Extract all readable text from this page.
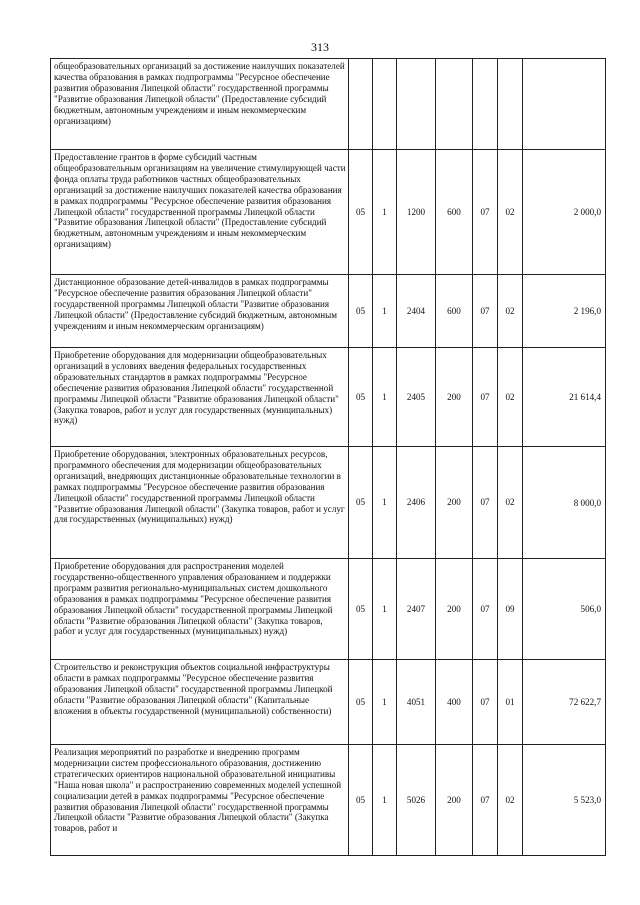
313
общеобразовательных организаций за достижение наилучших показателей качества образования в рамках подпрограммы "Ресурсное обеспечение развития образования Липецкой области" государственной программы "Развитие образования Липецкой области" (Предоставление субсидий бюджетным, автономным учреждениям и иным некоммерческим организациям)							
Предоставление грантов в форме субсидий частным общеобразовательным организациям на увеличение стимулирующей части фонда оплаты труда работников частных общеобразовательных организаций за достижение наилучших показателей качества образования в рамках подпрограммы "Ресурсное обеспечение развития образования Липецкой области" государственной программы Липецкой области "Развитие образования Липецкой области" (Предоставление субсидий бюджетным, автономным учреждениям и иным некоммерческим организациям)	05	1	1200	600	07	02	2 000,0
Дистанционное образование детей-инвалидов в рамках подпрограммы "Ресурсное обеспечение развития образования Липецкой области" государственной программы Липецкой области "Развитие образования Липецкой области" (Предоставление субсидий бюджетным, автономным учреждениям и иным некоммерческим организациям)	05	1	2404	600	07	02	2 196,0
Приобретение оборудования для модернизации общеобразовательных организаций в условиях введения федеральных государственных образовательных стандартов в рамках подпрограммы "Ресурсное обеспечение развития образования Липецкой области" государственной программы Липецкой области "Развитие образования Липецкой области" (Закупка товаров, работ и услуг для государственных (муниципальных) нужд)	05	1	2405	200	07	02	21 614,4
Приобретение оборудования, электронных образовательных ресурсов, программного обеспечения для модернизации общеобразовательных организаций, внедряющих дистанционные образовательные технологии в рамках подпрограммы "Ресурсное обеспечение развития образования Липецкой области" государственной программы Липецкой области "Развитие образования Липецкой области" (Закупка товаров, работ и услуг для государственных (муниципальных) нужд)	05	1	2406	200	07	02	8 000,0
Приобретение оборудования для распространения моделей государственно-общественного управления образованием и поддержки программ развития регионально-муниципальных систем дошкольного образования в рамках подпрограммы "Ресурсное обеспечение развития образования Липецкой области" государственной программы Липецкой области "Развитие образования Липецкой области" (Закупка товаров, работ и услуг для государственных (муниципальных) нужд)	05	1	2407	200	07	09	506,0
Строительство и реконструкция объектов социальной инфраструктуры области в рамках подпрограммы "Ресурсное обеспечение развития образования Липецкой области" государственной программы Липецкой области "Развитие образования Липецкой области" (Капитальные вложения в объекты государственной (муниципальной) собственности)	05	1	4051	400	07	01	72 622,7
Реализация мероприятий по разработке и внедрению программ модернизации систем профессионального образования, достижению стратегических ориентиров национальной образовательной инициативы "Наша новая школа" и распространению современных моделей успешной социализации детей в рамках подпрограммы "Ресурсное обеспечение развития образования Липецкой области" государственной программы Липецкой области "Развитие образования Липецкой области" (Закупка товаров, работ и	05	1	5026	200	07	02	5 523,0
